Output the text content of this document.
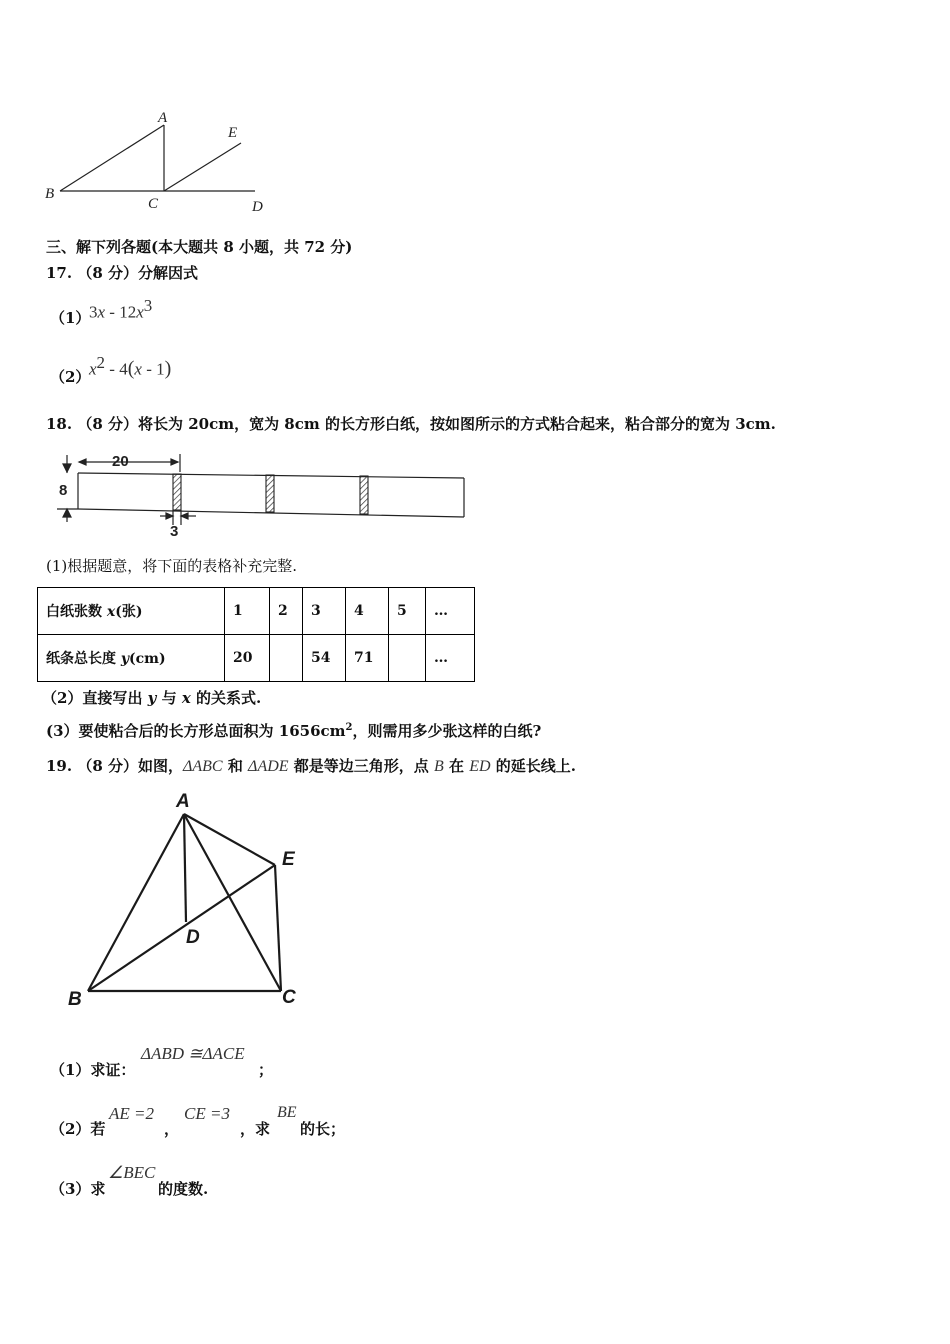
A
E
B
C	D
三、解下列各题(本大题共 8 小题，共 72 分)
17. （8 分）分解因式
（1）
$3x - 12x^3$
（2）
$x^2 - 4(x - 1)$
18. （8 分）将长为 20cm，宽为 8cm 的长方形白纸，按如图所示的方式粘合起来，粘合部分的宽为 3cm.
20
8
3
(1)根据题意，将下面的表格补充完整.
白纸张数 x(张)	1	2	3	4	5	…
纸条总长度 y(cm)	20		54	71		…
（2）直接写出 y 与 x 的关系式.
(3）要使粘合后的长方形总面积为 $1656cm^2$，则需用多少张这样的白纸?
19. （8 分）如图，ΔABC 和 ΔADE 都是等边三角形，点 B 在 ED 的延长线上.
A
E
D
B	C
（1）求证：
ΔABD ≅ΔACE
；
（2）若
AE =2
，
CE =3
，求
BE
的长；
（3）求
∠BEC
的度数.
